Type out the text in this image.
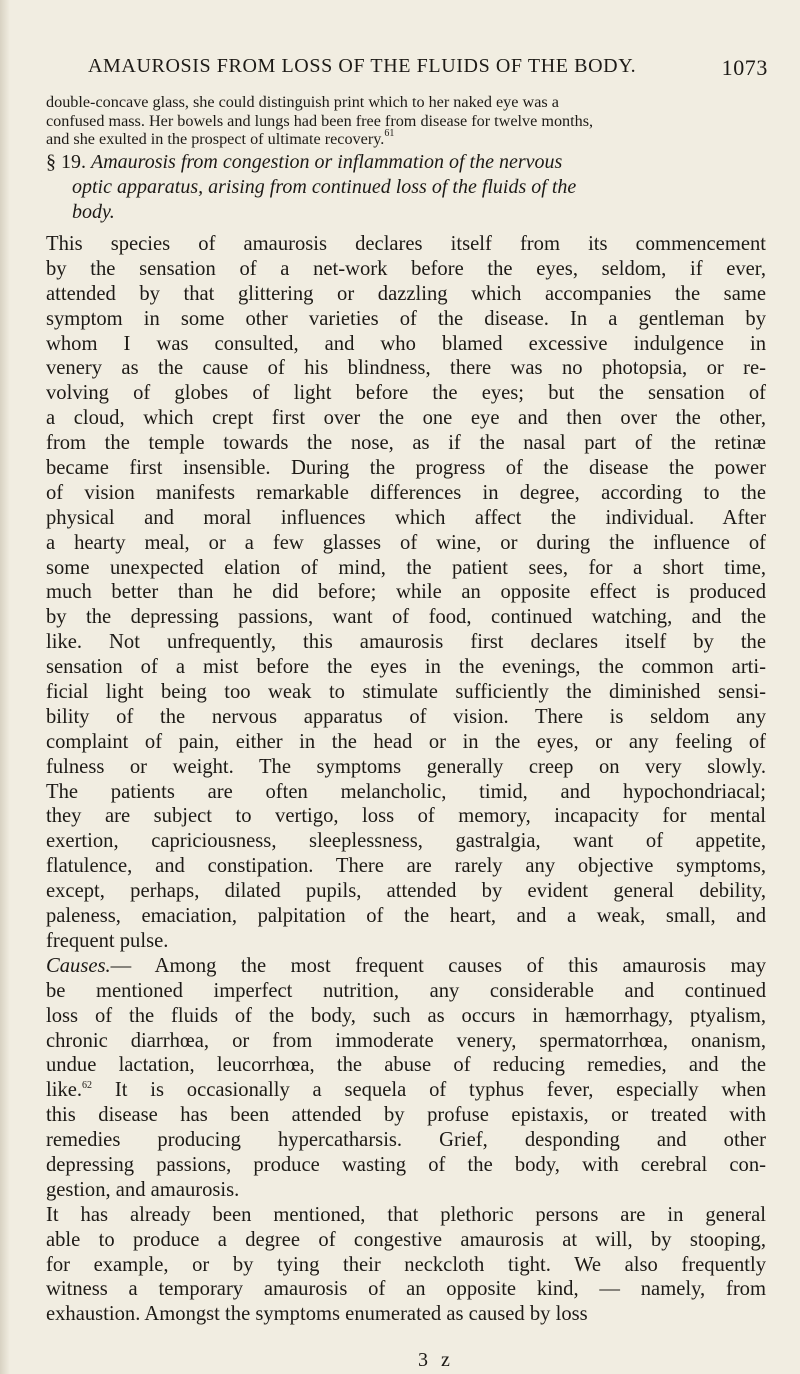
AMAUROSIS FROM LOSS OF THE FLUIDS OF THE BODY.	1073
double-concave glass, she could distinguish print which to her naked eye was a
confused mass. Her bowels and lungs had been free from disease for twelve months,
and she exulted in the prospect of ultimate recovery.$^{61}$
§ 19. Amaurosis from congestion or inflammation of the nervous
optic apparatus, arising from continued loss of the fluids of the
body.
This species of amaurosis declares itself from its commencement
by the sensation of a net-work before the eyes, seldom, if ever,
attended by that glittering or dazzling which accompanies the same
symptom in some other varieties of the disease. In a gentleman by
whom I was consulted, and who blamed excessive indulgence in
venery as the cause of his blindness, there was no photopsia, or re-
volving of globes of light before the eyes; but the sensation of
a cloud, which crept first over the one eye and then over the other,
from the temple towards the nose, as if the nasal part of the retinæ
became first insensible. During the progress of the disease the power
of vision manifests remarkable differences in degree, according to the
physical and moral influences which affect the individual. After
a hearty meal, or a few glasses of wine, or during the influence of
some unexpected elation of mind, the patient sees, for a short time,
much better than he did before; while an opposite effect is produced
by the depressing passions, want of food, continued watching, and the
like. Not unfrequently, this amaurosis first declares itself by the
sensation of a mist before the eyes in the evenings, the common arti-
ficial light being too weak to stimulate sufficiently the diminished sensi-
bility of the nervous apparatus of vision. There is seldom any
complaint of pain, either in the head or in the eyes, or any feeling of
fulness or weight. The symptoms generally creep on very slowly.
The patients are often melancholic, timid, and hypochondriacal;
they are subject to vertigo, loss of memory, incapacity for mental
exertion, capriciousness, sleeplessness, gastralgia, want of appetite,
flatulence, and constipation. There are rarely any objective symptoms,
except, perhaps, dilated pupils, attended by evident general debility,
paleness, emaciation, palpitation of the heart, and a weak, small, and
frequent pulse.
Causes.— Among the most frequent causes of this amaurosis may
be mentioned imperfect nutrition, any considerable and continued
loss of the fluids of the body, such as occurs in hæmorrhagy, ptyalism,
chronic diarrhœa, or from immoderate venery, spermatorrhœa, onanism,
undue lactation, leucorrhœa, the abuse of reducing remedies, and the
like.$^{62}$ It is occasionally a sequela of typhus fever, especially when
this disease has been attended by profuse epistaxis, or treated with
remedies producing hypercatharsis. Grief, desponding and other
depressing passions, produce wasting of the body, with cerebral con-
gestion, and amaurosis.
It has already been mentioned, that plethoric persons are in general
able to produce a degree of congestive amaurosis at will, by stooping,
for example, or by tying their neckcloth tight. We also frequently
witness a temporary amaurosis of an opposite kind, — namely, from
exhaustion. Amongst the symptoms enumerated as caused by loss
3 z
